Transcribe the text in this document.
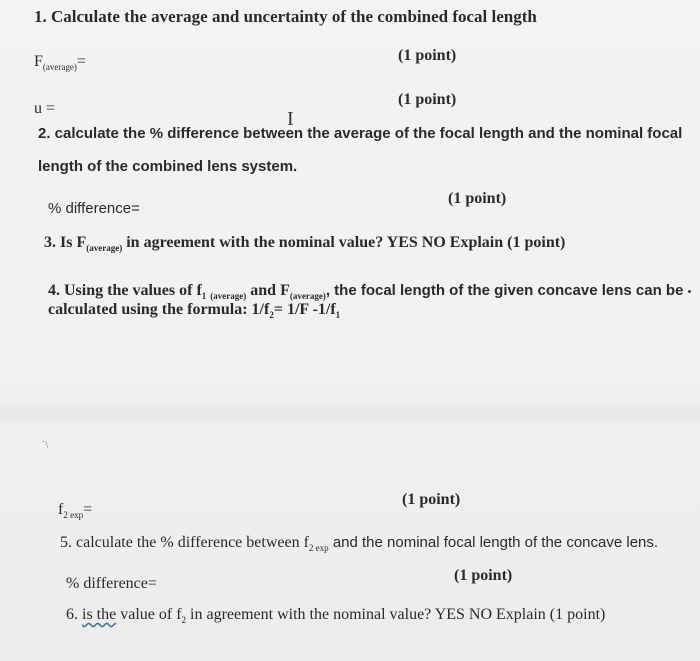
1. Calculate the average and uncertainty of the combined focal length
$F_{(average)}=$	(1 point)
u =
(1 point)
I
2. calculate the % difference between the average of the focal length and the nominal focal
length of the combined lens system.
% difference=
(1 point)
3. Is $F_{(average)}$ in agreement with the nominal value? YES NO Explain (1 point)
4. Using the values of $f_1$ $_{(average)}$ and $F_{(average)}$, the focal length of the given concave lens can be
calculated using the formula: $1/f_2= 1/F$ $-1/f_1$
˙\
$f_{2 exp}=$
(1 point)
5. calculate the % difference between $f_{2 exp}$ and the nominal focal length of the concave lens.
% difference=	(1 point)
6. is the value of $f_2$ in agreement with the nominal value? YES NO Explain (1 point)
